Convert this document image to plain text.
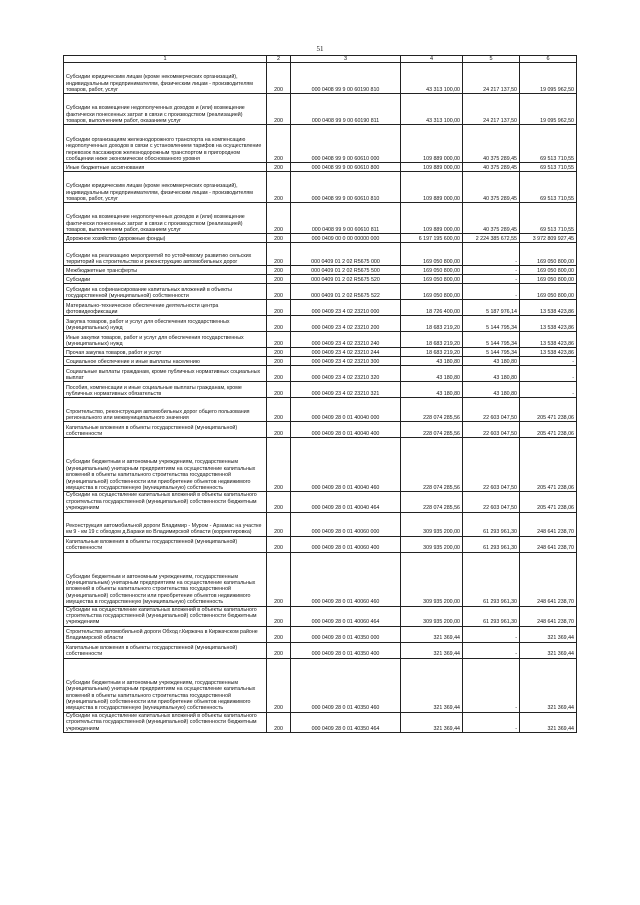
51
1	2	3	4	5	6
Субсидии юридическим лицам (кроме некоммерческих организаций), индивидуальным предпринимателям, физическим лицам - производителям товаров, работ, услуг	200	000 0408 99 9 00 60190 810	43 313 100,00	24 217 137,50	19 095 962,50
Субсидии на возмещение недополученных доходов и (или) возмещение фактически понесенных затрат в связи с производством (реализацией) товаров, выполнением работ, оказанием услуг	200	000 0408 99 9 00 60190 811	43 313 100,00	24 217 137,50	19 095 962,50
Субсидии организациям железнодорожного транспорта на компенсацию недополученных доходов в связи с установлением тарифов на осуществление перевозок пассажиров железнодорожным транспортом в пригородном сообщении ниже экономически обоснованного уровня	200	000 0408 99 9 00 60610 000	109 889 000,00	40 375 289,45	69 513 710,55
Иные бюджетные ассигнования	200	000 0408 99 9 00 60610 800	109 889 000,00	40 375 289,45	69 513 710,55
Субсидии юридическим лицам (кроме некоммерческих организаций), индивидуальным предпринимателям, физическим лицам - производителям товаров, работ, услуг	200	000 0408 99 9 00 60610 810	109 889 000,00	40 375 289,45	69 513 710,55
Субсидии на возмещение недополученных доходов и (или) возмещение фактически понесенных затрат в связи с производством (реализацией) товаров, выполнением работ, оказанием услуг	200	000 0408 99 9 00 60610 811	109 889 000,00	40 375 289,45	69 513 710,55
Дорожное хозяйство (дорожные фонды)	200	000 0409 00 0 00 00000 000	6 197 195 600,00	2 224 385 672,55	3 972 809 927,45
Субсидии на реализацию мероприятий по устойчивому развитию сельских территорий на строительство и реконструкцию автомобильных дорог	200	000 0409 01 2 02 R5675 000	169 050 800,00	-	169 050 800,00
Межбюджетные трансферты	200	000 0409 01 2 02 R5675 500	169 050 800,00	-	169 050 800,00
Субсидии	200	000 0409 01 2 02 R5675 520	169 050 800,00	-	169 050 800,00
Субсидии на софинансирование капитальных вложений в объекты государственной (муниципальной) собственности	200	000 0409 01 2 02 R5675 522	169 050 800,00	-	169 050 800,00
Материально-техническое обеспечение деятельности центра фотовидеофиксации	200	000 0409 23 4 02 23210 000	18 726 400,00	5 187 976,14	13 538 423,86
Закупка товаров, работ и услуг для обеспечения государственных (муниципальных) нужд	200	000 0409 23 4 02 23210 200	18 683 219,20	5 144 795,34	13 538 423,86
Иные закупки товаров, работ и услуг для обеспечения государственных (муниципальных) нужд	200	000 0409 23 4 02 23210 240	18 683 219,20	5 144 795,34	13 538 423,86
Прочая закупка товаров, работ и услуг	200	000 0409 23 4 02 23210 244	18 683 219,20	5 144 795,34	13 538 423,86
Социальное обеспечение и иные выплаты населению	200	000 0409 23 4 02 23210 300	43 180,80	43 180,80	-
Социальные выплаты гражданам, кроме публичных нормативных социальных выплат	200	000 0409 23 4 02 23210 320	43 180,80	43 180,80	-
Пособия, компенсации и иные социальные выплаты гражданам, кроме публичных нормативных обязательств	200	000 0409 23 4 02 23210 321	43 180,80	43 180,80	-
Строительство, реконструкция автомобильных дорог общего пользования регионального или межмуниципального значения	200	000 0409 28 0 01 40040 000	228 074 285,56	22 603 047,50	205 471 238,06
Капитальные вложения в объекты государственной (муниципальной) собственности	200	000 0409 28 0 01 40040 400	228 074 285,56	22 603 047,50	205 471 238,06
Субсидии бюджетным и автономным учреждениям, государственным (муниципальным) унитарным предприятиям на осуществление капитальных вложений в объекты капитального строительства государственной (муниципальной) собственности или приобретение объектов недвижимого имущества в государственную (муниципальную) собственность	200	000 0409 28 0 01 40040 460	228 074 285,56	22 603 047,50	205 471 238,06
Субсидии на осуществление капитальных вложений в объекты капитального строительства государственной (муниципальной) собственности бюджетным учреждениям	200	000 0409 28 0 01 40040 464	228 074 285,56	22 603 047,50	205 471 238,06
Реконструкция автомобильной дороги Владимир - Муром - Арзамас на участке км 9 - км 19 с обходом д.Бараки во Владимирской области (корректировка)	200	000 0409 28 0 01 40060 000	309 935 200,00	61 293 961,30	248 641 238,70
Капитальные вложения в объекты государственной (муниципальной) собственности	200	000 0409 28 0 01 40060 400	309 935 200,00	61 293 961,30	248 641 238,70
Субсидии бюджетным и автономным учреждениям, государственным (муниципальным) унитарным предприятиям на осуществление капитальных вложений в объекты капитального строительства государственной (муниципальной) собственности или приобретение объектов недвижимого имущества в государственную (муниципальную) собственность	200	000 0409 28 0 01 40060 460	309 935 200,00	61 293 961,30	248 641 238,70
Субсидии на осуществление капитальных вложений в объекты капитального строительства государственной (муниципальной) собственности бюджетным учреждениям	200	000 0409 28 0 01 40060 464	309 935 200,00	61 293 961,30	248 641 238,70
Строительство автомобильной дороги Обход г.Киржача в Киржачском районе Владимирской области	200	000 0409 28 0 01 40350 000	321 369,44	-	321 369,44
Капитальные вложения в объекты государственной (муниципальной) собственности	200	000 0409 28 0 01 40350 400	321 369,44	-	321 369,44
Субсидии бюджетным и автономным учреждениям, государственным (муниципальным) унитарным предприятиям на осуществление капитальных вложений в объекты капитального строительства государственной (муниципальной) собственности или приобретение объектов недвижимого имущества в государственную (муниципальную) собственность	200	000 0409 28 0 01 40350 460	321 369,44	-	321 369,44
Субсидии на осуществление капитальных вложений в объекты капитального строительства государственной (муниципальной) собственности бюджетным учреждениям	200	000 0409 28 0 01 40350 464	321 369,44	-	321 369,44
